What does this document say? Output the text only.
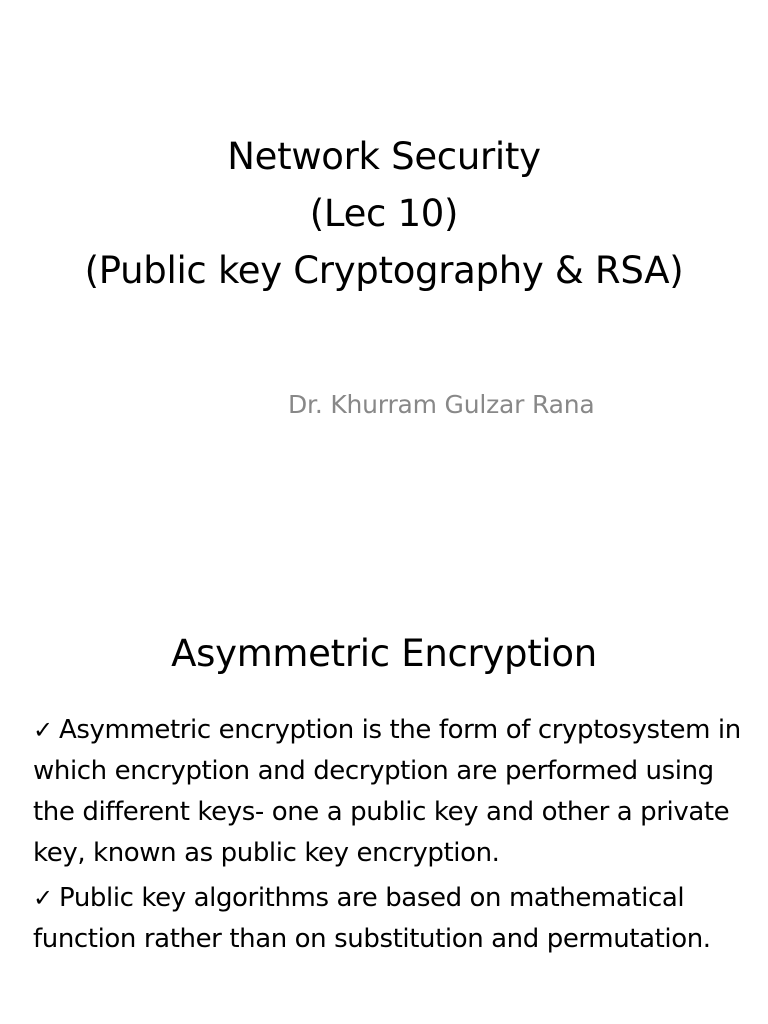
Network Security
(Lec 10)
(Public key Cryptography & RSA)
Dr. Khurram Gulzar Rana
Asymmetric Encryption
✓ Asymmetric encryption is the form of cryptosystem in which encryption and decryption are performed using the different keys- one a public key and other a private key, known as public key encryption.
✓ Public key algorithms are based on mathematical function rather than on substitution and permutation.
